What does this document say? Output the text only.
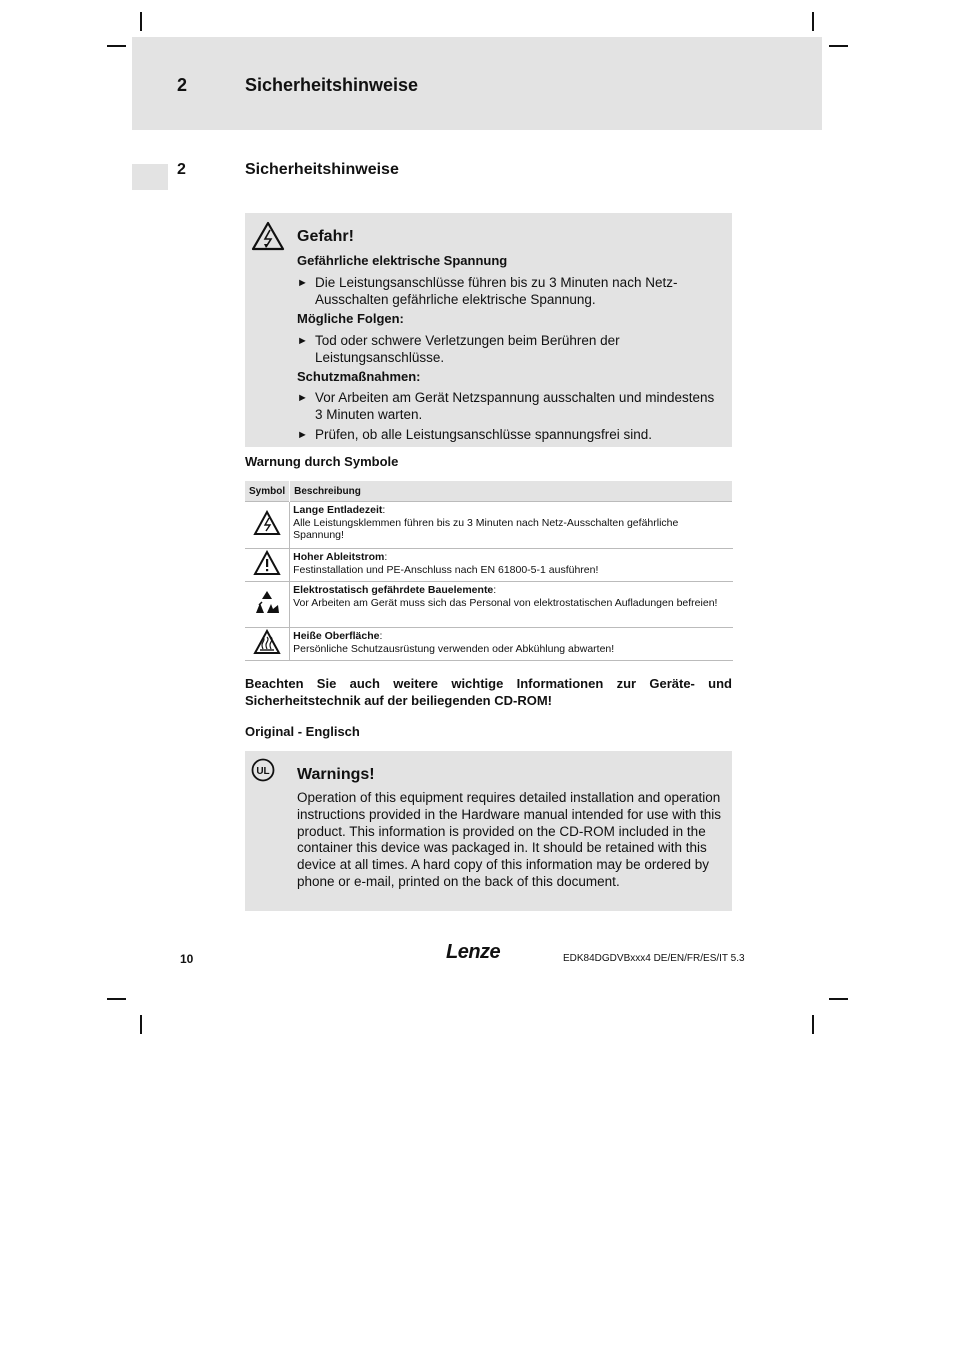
2	Sicherheitshinweise
2	Sicherheitshinweise
Gefahr!
Gefährliche elektrische Spannung
► Die Leistungsanschlüsse führen bis zu 3 Minuten nach Netz-Ausschalten gefährliche elektrische Spannung.
Mögliche Folgen:
► Tod oder schwere Verletzungen beim Berühren der Leistungsanschlüsse.
Schutzmaßnahmen:
► Vor Arbeiten am Gerät Netzspannung ausschalten und mindestens 3 Minuten warten.
► Prüfen, ob alle Leistungsanschlüsse spannungsfrei sind.
Warnung durch Symbole
Symbol	Beschreibung
	Lange Entladezeit:
Alle Leistungsklemmen führen bis zu 3 Minuten nach Netz-Ausschalten gefährliche Spannung!
	Hoher Ableitstrom:
Festinstallation und PE-Anschluss nach EN 61800-5-1 ausführen!
	Elektrostatisch gefährdete Bauelemente:
Vor Arbeiten am Gerät muss sich das Personal von elektrostatischen Aufladungen befreien!
	Heiße Oberfläche:
Persönliche Schutzausrüstung verwenden oder Abkühlung abwarten!
Beachten Sie auch weitere wichtige Informationen zur Geräte- und
Sicherheitstechnik auf der beiliegenden CD-ROM!
Original - Englisch
UL Warnings!
Operation of this equipment requires detailed installation and operation instructions provided in the Hardware manual intended for use with this product. This information is provided on the CD-ROM included in the container this device was packaged in. It should be retained with this device at all times. A hard copy of this information may be ordered by phone or e-mail, printed on the back of this document.
10	Lenze	EDK84DGDVBxxx4 DE/EN/FR/ES/IT 5.3
